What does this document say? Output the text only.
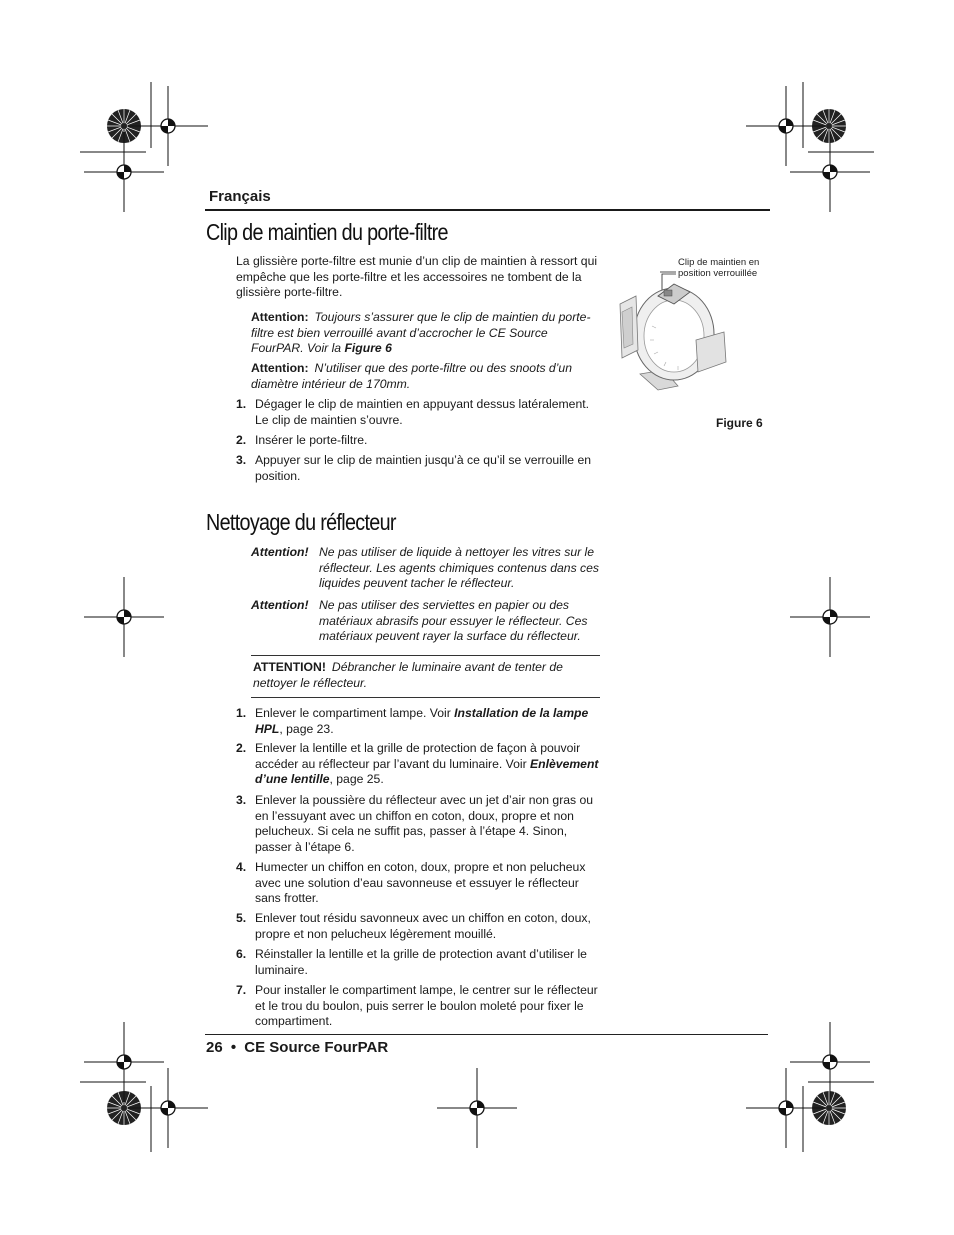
Français
Clip de maintien du porte-filtre
La glissière porte-filtre est munie d’un clip de maintien à ressort qui empêche que les porte-filtre et les accessoires ne tombent de la glissière porte-filtre.
Attention: Toujours s’assurer que le clip de maintien du porte-filtre est bien verrouillé avant d’accrocher le CE Source FourPAR. Voir la Figure 6
Attention: N’utiliser que des porte-filtre ou des snoots d’un diamètre intérieur de 170mm.
1. Dégager le clip de maintien en appuyant dessus latéralement. Le clip de maintien s’ouvre.
2. Insérer le porte-filtre.
3. Appuyer sur le clip de maintien jusqu’à ce qu’il se verrouille en position.
Clip de maintien en
position verrouillée
Figure 6
Nettoyage du réflecteur
Attention! Ne pas utiliser de liquide à nettoyer les vitres sur le réflecteur. Les agents chimiques contenus dans ces liquides peuvent tacher le réflecteur.
Attention! Ne pas utiliser des serviettes en papier ou des matériaux abrasifs pour essuyer le réflecteur. Ces matériaux peuvent rayer la surface du réflecteur.
ATTENTION! Débrancher le luminaire avant de tenter de nettoyer le réflecteur.
1. Enlever le compartiment lampe. Voir Installation de la lampe HPL, page 23.
2. Enlever la lentille et la grille de protection de façon à pouvoir accéder au réflecteur par l’avant du luminaire. Voir Enlèvement d’une lentille, page 25.
3. Enlever la poussière du réflecteur avec un jet d’air non gras ou en l’essuyant avec un chiffon en coton, doux, propre et non pelucheux. Si cela ne suffit pas, passer à l’étape 4. Sinon, passer à l’étape 6.
4. Humecter un chiffon en coton, doux, propre et non pelucheux avec une solution d’eau savonneuse et essuyer le réflecteur sans frotter.
5. Enlever tout résidu savonneux avec un chiffon en coton, doux, propre et non pelucheux légèrement mouillé.
6. Réinstaller la lentille et la grille de protection avant d’utiliser le luminaire.
7. Pour installer le compartiment lampe, le centrer sur le réflecteur et le trou du boulon, puis serrer le boulon moleté pour fixer le compartiment.
26 • CE Source FourPAR
